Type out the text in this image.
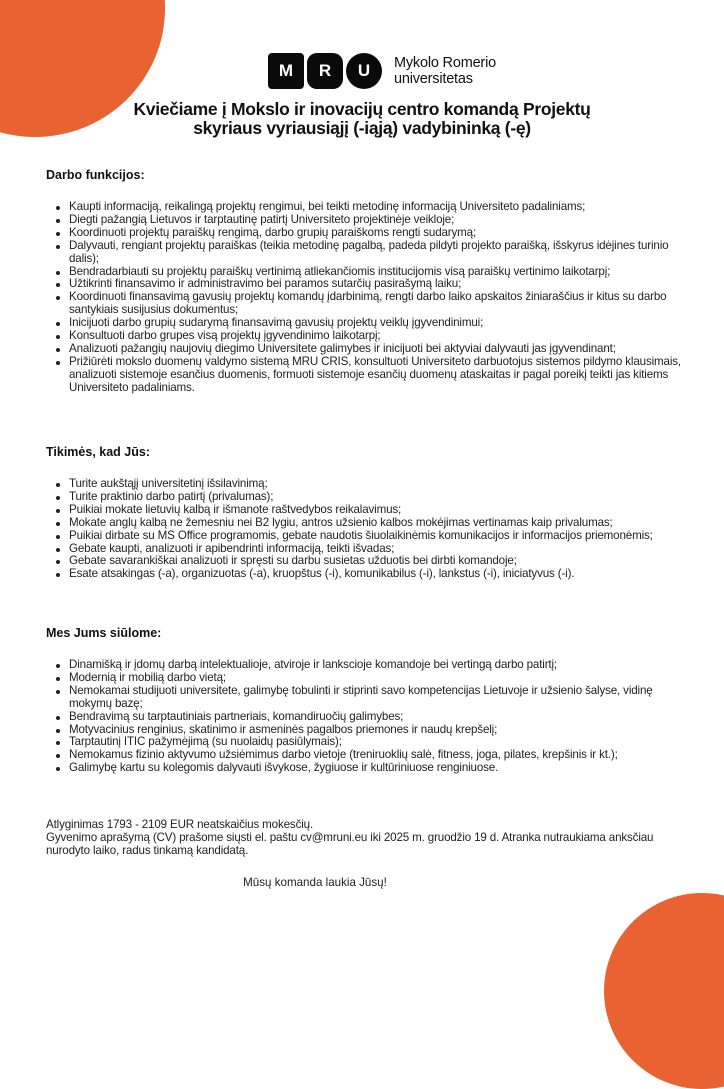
M	R	U	Mykolo Romerio
universitetas
Kviečiame į Mokslo ir inovacijų centro komandą Projektų
skyriaus vyriausiąjį (-iąją) vadybininką (-ę)
Darbo funkcijos:
Kaupti informaciją, reikalingą projektų rengimui, bei teikti metodinę informaciją Universiteto padaliniams;
Diegti pažangią Lietuvos ir tarptautinę patirtį Universiteto projektinėje veikloje;
Koordinuoti projektų paraiškų rengimą, darbo grupių paraiškoms rengti sudarymą;
Dalyvauti, rengiant projektų paraiškas (teikia metodinę pagalbą, padeda pildyti projekto paraišką, išskyrus idėjines turinio dalis);
Bendradarbiauti su projektų paraiškų vertinimą atliekančiomis institucijomis visą paraiškų vertinimo laikotarpį;
Užtikrinti finansavimo ir administravimo bei paramos sutarčių pasirašymą laiku;
Koordinuoti finansavimą gavusių projektų komandų įdarbinimą, rengti darbo laiko apskaitos žiniaraščius ir kitus su darbo santykiais susijusius dokumentus;
Inicijuoti darbo grupių sudarymą finansavimą gavusių projektų veiklų įgyvendinimui;
Konsultuoti darbo grupes visą projektų įgyvendinimo laikotarpį;
Analizuoti pažangių naujovių diegimo Universitete galimybes ir inicijuoti bei aktyviai dalyvauti jas įgyvendinant;
Prižiūrėti mokslo duomenų valdymo sistemą MRU CRIS, konsultuoti Universiteto darbuotojus sistemos pildymo klausimais, analizuoti sistemoje esančius duomenis, formuoti sistemoje esančių duomenų ataskaitas ir pagal poreikį teikti jas kitiems Universiteto padaliniams.
Tikimės, kad Jūs:
Turite aukštąjį universitetinį išsilavinimą;
Turite praktinio darbo patirtį (privalumas);
Puikiai mokate lietuvių kalbą ir išmanote raštvedybos reikalavimus;
Mokate anglų kalbą ne žemesniu nei B2 lygiu, antros užsienio kalbos mokėjimas vertinamas kaip privalumas;
Puikiai dirbate su MS Office programomis, gebate naudotis šiuolaikinėmis komunikacijos ir informacijos priemonėmis;
Gebate kaupti, analizuoti ir apibendrinti informaciją, teikti išvadas;
Gebate savarankiškai analizuoti ir spręsti su darbu susietas užduotis bei dirbti komandoje;
Esate atsakingas (-a), organizuotas (-a), kruopštus (-i), komunikabilus (-i), lankstus (-i), iniciatyvus (-i).
Mes Jums siūlome:
Dinamišką ir įdomų darbą intelektualioje, atviroje ir lankscioje komandoje bei vertingą darbo patirtį;
Modernią ir mobilią darbo vietą;
Nemokamai studijuoti universitete, galimybę tobulinti ir stiprinti savo kompetencijas Lietuvoje ir užsienio šalyse, vidinę mokymų bazę;
Bendravimą su tarptautiniais partneriais, komandiruočių galimybes;
Motyvacinius renginius, skatinimo ir asmeninės pagalbos priemones ir naudų krepšelį;
Tarptautinį ITIC pažymėjimą (su nuolaidų pasiūlymais);
Nemokamus fizinio aktyvumo užsiėmimus darbo vietoje (treniruoklių salė, fitness, joga, pilates, krepšinis ir kt.);
Galimybę kartu su kolegomis dalyvauti išvykose, žygiuose ir kultūriniuose renginiuose.

Atlyginimas 1793 - 2109 EUR neatskaičius mokesčių.

Gyvenimo aprašymą (CV) prašome siųsti el. paštu cv@mruni.eu iki 2025 m. gruodžio 19 d. Atranka nutraukiama anksčiau nurodyto laiko, radus tinkamą kandidatą.

Mūsų komanda laukia Jūsų!
